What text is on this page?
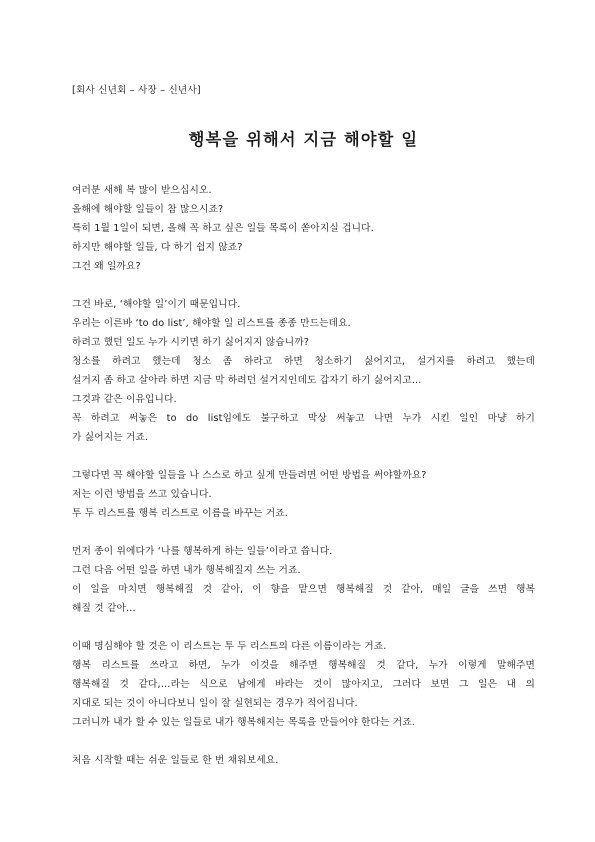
[회사 신년회 – 사장 – 신년사]

행복을 위해서 지금 해야할 일
여러분 새해 복 많이 받으십시오.
올해에 해야할 일들이 참 많으시죠?
특히 1월 1일이 되면, 올해 꼭 하고 싶은 일들 목록이 쏟아지실 겁니다.
하지만 해야할 일들, 다 하기 쉽지 않죠?
그건 왜 일까요?
그건 바로, ‘해야할 일’이기 때문입니다.
우리는 이른바 ‘to do list’, 해야할 일 리스트를 종종 만드는데요.
하려고 했던 일도 누가 시키면 하기 싫어지지 않습니까?
청소를 하려고 했는데 청소 좀 하라고 하면 청소하기 싫어지고, 설거지를 하려고 했는데
설거지 좀 하고 살아라 하면 지금 막 하려던 설거지인데도 갑자기 하기 싫어지고…
그것과 같은 이유입니다.
꼭 하려고 써놓은 to do list임에도 불구하고 막상 써놓고 나면 누가 시킨 일인 마냥 하기
가 싫어지는 거죠.
그렇다면 꼭 해야할 일들을 나 스스로 하고 싶게 만들려면 어떤 방법을 써야할까요?
저는 이런 방법을 쓰고 있습니다.
투 두 리스트를 행복 리스트로 이름을 바꾸는 거죠.
먼저 종이 위에다가 ‘나를 행복하게 하는 일들’이라고 씁니다.
그런 다음 어떤 일을 하면 내가 행복해질지 쓰는 거죠.
이 일을 마치면 행복해질 것 같아, 이 향을 맡으면 행복해질 것 같아, 매일 글을 쓰면 행복
해질 것 같아…
이때 명심해야 할 것은 이 리스트는 투 두 리스트의 다른 이름이라는 거죠.
행복 리스트를 쓰라고 하면, 누가 이것을 해주면 행복해질 것 같다, 누가 이렇게 말해주면
행복해질 것 같다,…라는 식으로 남에게 바라는 것이 많아지고, 그러다 보면 그 일은 내 의
지대로 되는 것이 아니다보니 일이 잘 실현되는 경우가 적어집니다.
그러니까 내가 할 수 있는 일들로 내가 행복해지는 목록을 만들어야 한다는 거죠.
처음 시작할 때는 쉬운 일들로 한 번 채워보세요.
